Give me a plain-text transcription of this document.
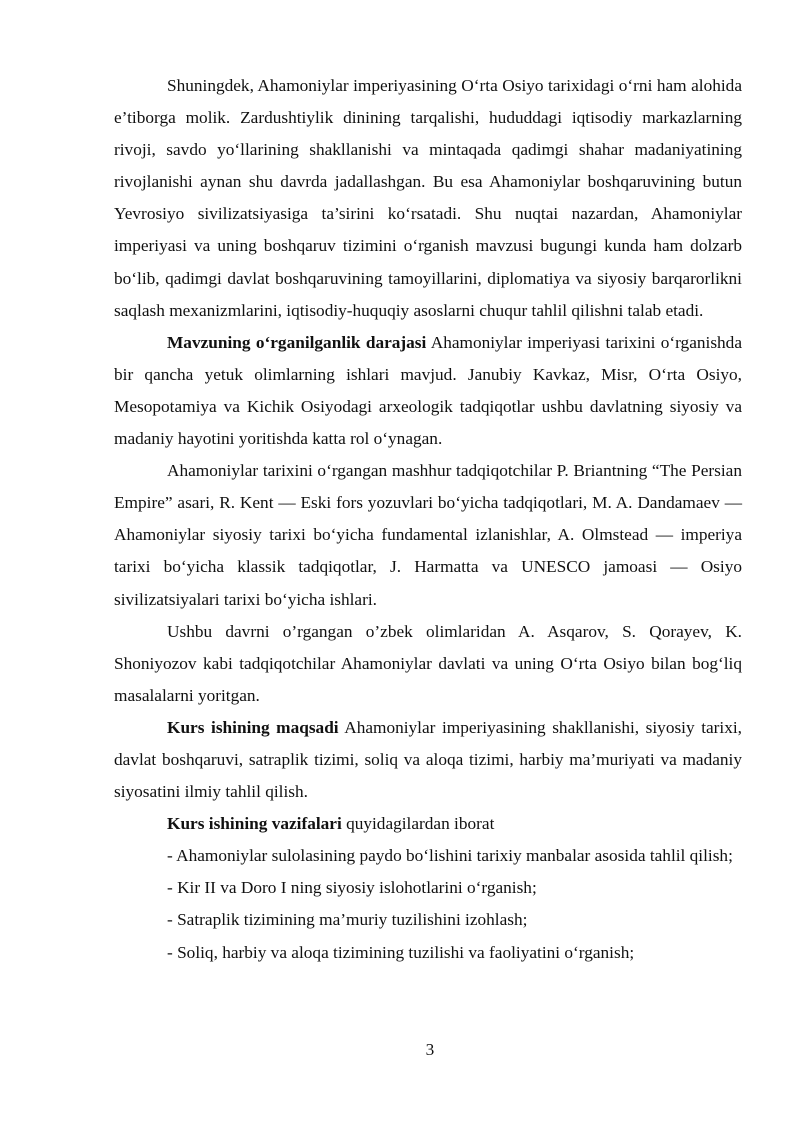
Shuningdek, Ahamoniylar imperiyasining O‘rta Osiyo tarixidagi o‘rni ham alohida e’tiborga molik. Zardushtiylik dinining tarqalishi, hududdagi iqtisodiy markazlarning rivoji, savdo yo‘llarining shakllanishi va mintaqada qadimgi shahar madaniyatining rivojlanishi aynan shu davrda jadallashgan. Bu esa Ahamoniylar boshqaruvining butun Yevrosiyo sivilizatsiyasiga ta’sirini ko‘rsatadi. Shu nuqtai nazardan, Ahamoniylar imperiyasi va uning boshqaruv tizimini o‘rganish mavzusi bugungi kunda ham dolzarb bo‘lib, qadimgi davlat boshqaruvining tamoyillarini, diplomatiya va siyosiy barqarorlikni saqlash mexanizmlarini, iqtisodiy-huquqiy asoslarni chuqur tahlil qilishni talab etadi.

Mavzuning o‘rganilganlik darajasi Ahamoniylar imperiyasi tarixini o‘rganishda bir qancha yetuk olimlarning ishlari mavjud. Janubiy Kavkaz, Misr, O‘rta Osiyo, Mesopotamiya va Kichik Osiyodagi arxeologik tadqiqotlar ushbu davlatning siyosiy va madaniy hayotini yoritishda katta rol o‘ynagan.

Ahamoniylar tarixini o‘rgangan mashhur tadqiqotchilar P. Briantning “The Persian Empire” asari, R. Kent — Eski fors yozuvlari bo‘yicha tadqiqotlari, M. A. Dandamaev — Ahamoniylar siyosiy tarixi bo‘yicha fundamental izlanishlar, A. Olmstead — imperiya tarixi bo‘yicha klassik tadqiqotlar, J. Harmatta va UNESCO jamoasi — Osiyo sivilizatsiyalari tarixi bo‘yicha ishlari.

Ushbu davrni o’rgangan o’zbek olimlaridan A. Asqarov, S. Qorayev, K. Shoniyozov kabi tadqiqotchilar Ahamoniylar davlati va uning O‘rta Osiyo bilan bog‘liq masalalarni yoritgan.

Kurs ishining maqsadi Ahamoniylar imperiyasining shakllanishi, siyosiy tarixi, davlat boshqaruvi, satraplik tizimi, soliq va aloqa tizimi, harbiy ma’muriyati va madaniy siyosatini ilmiy tahlil qilish.

Kurs ishining vazifalari quyidagilardan iborat

- Ahamoniylar sulolasining paydo bo‘lishini tarixiy manbalar asosida tahlil qilish;

- Kir II va Doro I ning siyosiy islohotlarini o‘rganish;

- Satraplik tizimining ma’muriy tuzilishini izohlash;

- Soliq, harbiy va aloqa tizimining tuzilishi va faoliyatini o‘rganish;

3
